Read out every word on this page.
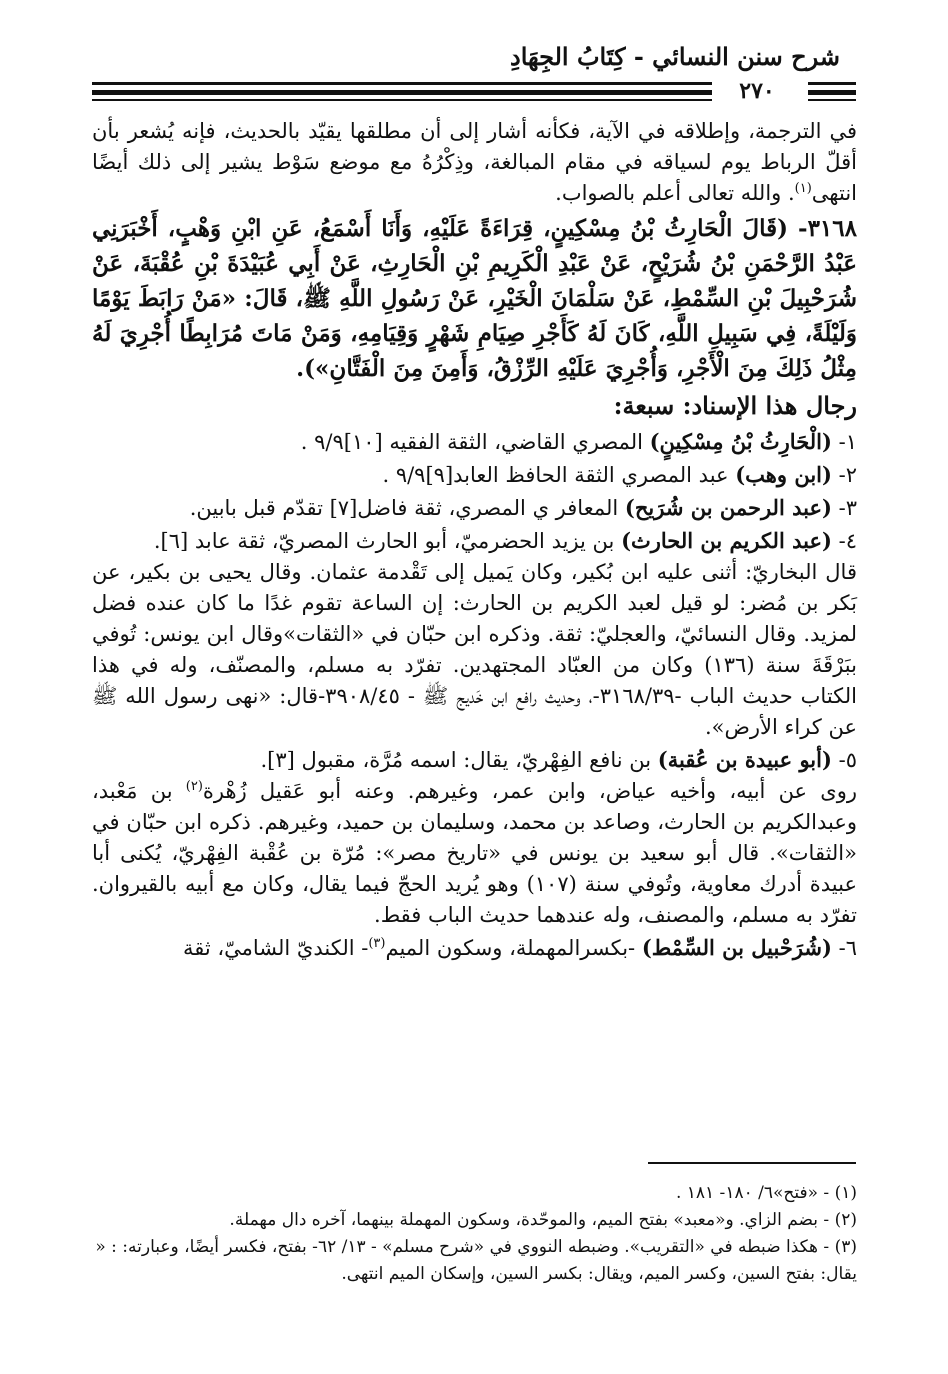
شرح سنن النسائي - كِتَابُ الجِهَادِ
٢٧٠

في الترجمة، وإطلاقه في الآية، فكأنه أشار إلى أن مطلقها يقيّد بالحديث، فإنه يُشعر بأن أقلّ الرباط يوم لسياقه في مقام المبالغة، وذِكْرُهُ مع موضع سَوْط يشير إلى ذلك أيضًا انتهى$^{(١)}$. والله تعالى أعلم بالصواب.

٣١٦٨- (قَالَ الْحَارِثُ بْنُ مِسْكِينٍ، قِرَاءَةً عَلَيْهِ، وَأَنَا أَسْمَعُ، عَنِ ابْنِ وَهْبٍ، أَخْبَرَنِي عَبْدُ الرَّحْمَنِ بْنُ شُرَيْحٍ، عَنْ عَبْدِ الْكَرِيمِ بْنِ الْحَارِثِ، عَنْ أَبِي عُبَيْدَةَ بْنِ عُقْبَةَ، عَنْ شُرَحْبِيلَ بْنِ السِّمْطِ، عَنْ سَلْمَانَ الْخَيْرِ، عَنْ رَسُولِ اللَّهِ ﷺ، قَالَ: «مَنْ رَابَطَ يَوْمًا وَلَيْلَةً، فِي سَبِيلِ اللَّهِ، كَانَ لَهُ كَأَجْرِ صِيَامِ شَهْرٍ وَقِيَامِهِ، وَمَنْ مَاتَ مُرَابِطًا أُجْرِيَ لَهُ مِثْلُ ذَلِكَ مِنَ الْأَجْرِ، وَأُجْرِيَ عَلَيْهِ الرِّزْقُ، وَأَمِنَ مِنَ الْفَتَّانِ»).

رجال هذا الإسناد: سبعة:

١- (الْحَارِثُ بْنُ مِسْكِينٍ) المصري القاضي، الثقة الفقيه [١٠]٩/٩ .

٢- (ابن وهب) عبد المصري الثقة الحافظ العابد[٩]٩/٩ .

٣- (عبد الرحمن بن شُرَيح) المعافر ي المصري، ثقة فاضل[٧] تقدّم قبل بابين.

٤- (عبد الكريم بن الحارث) بن يزيد الحضرميّ، أبو الحارث المصريّ، ثقة عابد [٦].

قال البخاريّ: أثنى عليه ابن بُكير، وكان يَميل إلى تَقْدمة عثمان. وقال يحيى بن بكير، عن بَكر بن مُضر: لو قيل لعبد الكريم بن الحارث: إن الساعة تقوم غدًا ما كان عنده فضل لمزيد. وقال النسائيّ، والعجليّ: ثقة. وذكره ابن حبّان في «الثقات»وقال ابن يونس: تُوفي ببَرْقَةَ سنة (١٣٦) وكان من العبّاد المجتهدين. تفرّد به مسلم، والمصنّف، وله في هذا الكتاب حديث الباب -٣١٦٨/٣٩-، وحديث رافع ابن خَديج ﷺ - ٣٩٠٨/٤٥-قال: «نهى رسول الله ﷺ عن كراء الأرض».

٥- (أبو عبيدة بن عُقبة) بن نافع الفِهْريّ، يقال: اسمه مُرَّة، مقبول [٣].

روى عن أبيه، وأخيه عياض، وابن عمر، وغيرهم. وعنه أبو عَقيل زُهْرة$^{(٢)}$ بن مَعْبد، وعبدالكريم بن الحارث، وصاعد بن محمد، وسليمان بن حميد، وغيرهم. ذكره ابن حبّان في «الثقات». قال أبو سعيد بن يونس في «تاريخ مصر»: مُرّة بن عُقْبة الفِهْريّ، يُكنى أبا عبيدة أدرك معاوية، وتُوفي سنة (١٠٧) وهو يُريد الحجّ فيما يقال، وكان مع أبيه بالقيروان. تفرّد به مسلم، والمصنف، وله عندهما حديث الباب فقط.

٦- (شُرَحْبيل بن السِّمْط) -بكسرالمهملة، وسكون الميم$^{(٣)}$- الكنديّ الشاميّ، ثقة

(١) - «فتح»٦/ ١٨٠- ١٨١ .

(٢) - بضم الزاي. و«معبد» بفتح الميم، والموحّدة، وسكون المهملة بينهما، آخره دال مهملة.

(٣) - هكذا ضبطه في «التقريب». وضبطه النووي في «شرح مسلم» - ١٣/ ٦٢- بفتح، فكسر أيضًا، وعبارته: : « يقال: بفتح السين، وكسر الميم، ويقال: بكسر السين، وإسكان الميم انتهى.
